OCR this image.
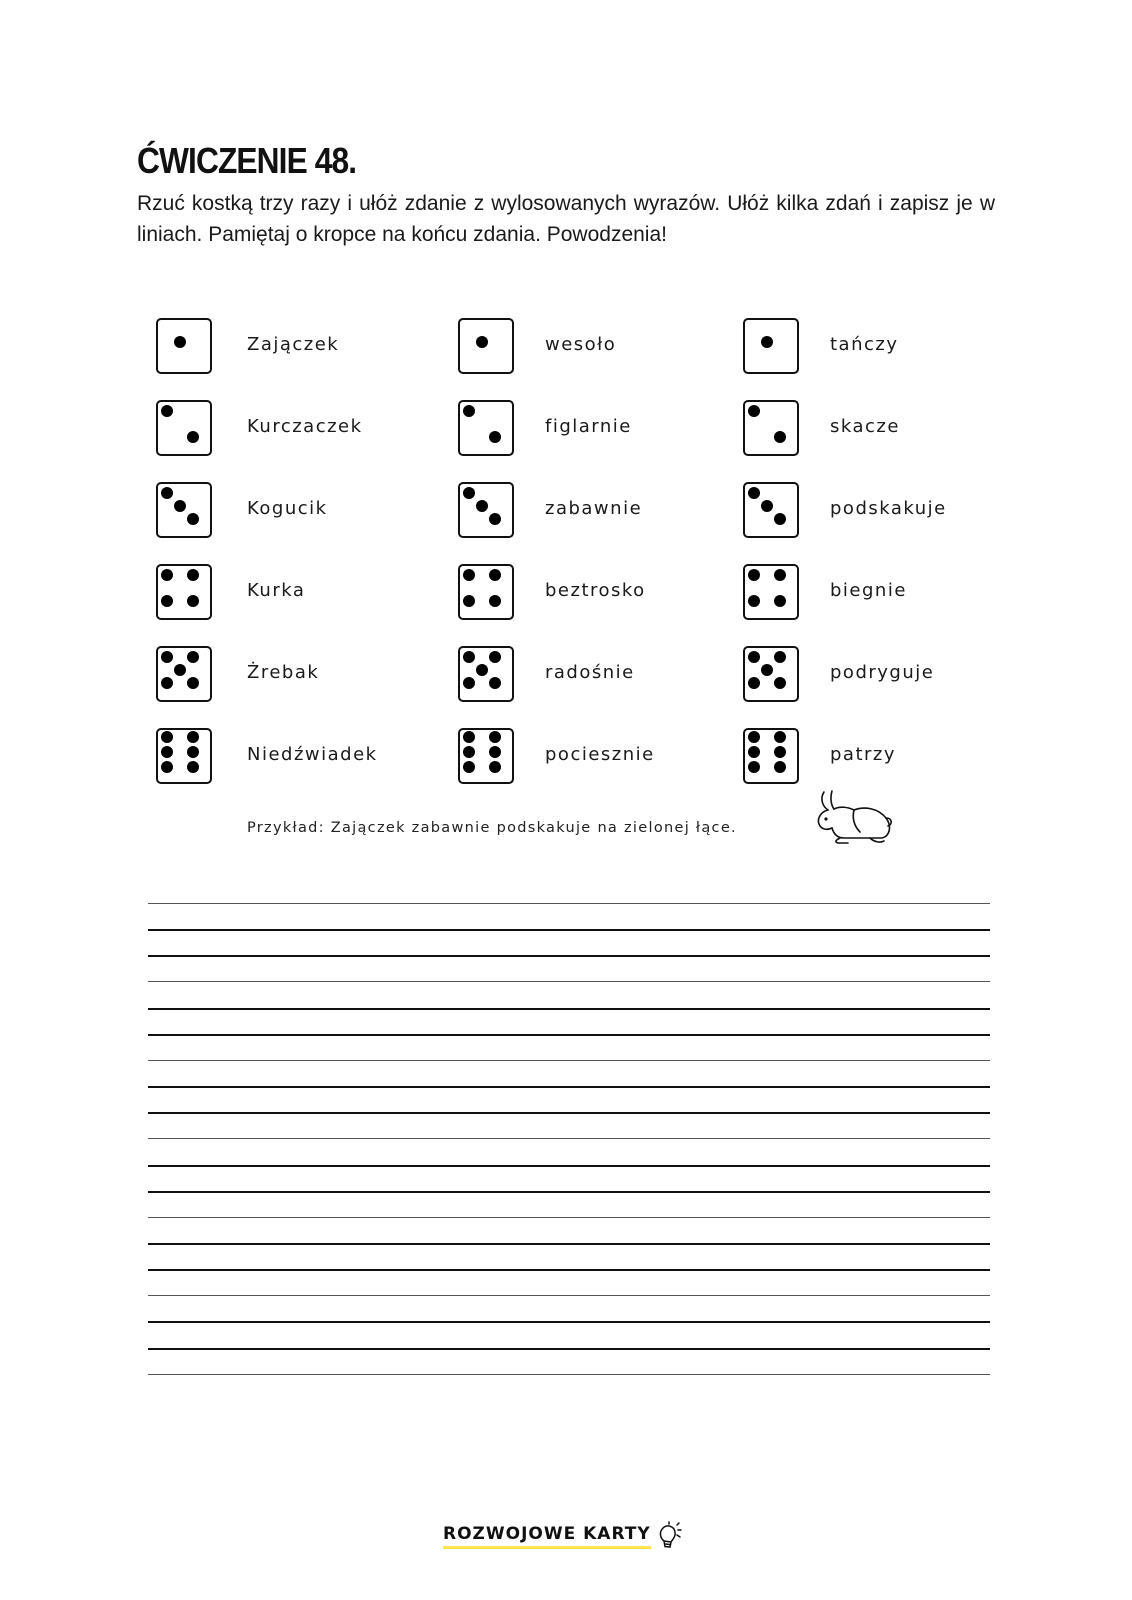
ĆWICZENIE 48.

Rzuć kostką trzy razy i ułóż zdanie z wylosowanych wyrazów. Ułóż kilka zdań i zapisz je w liniach. Pamiętaj o kropce na końcu zdania. Powodzenia!

Zajączek
Kurczaczek
Kogucik
Kurka
Żrebak
Niedźwiadek
wesoło
figlarnie
zabawnie
beztrosko
radośnie
pociesznie
tańczy
skacze
podskakuje
biegnie
podryguje
patrzy
Przykład: Zajączek zabawnie podskakuje na zielonej łące.
ROZWOJOWE KARTY
